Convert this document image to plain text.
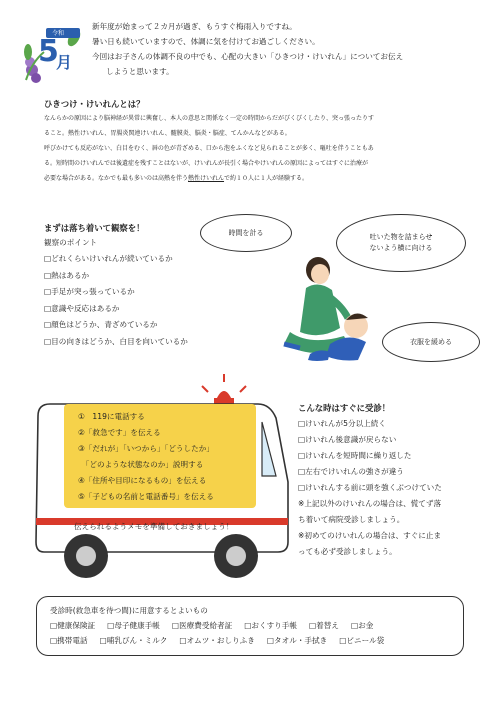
令和
5
月
新年度が始まって２カ月が過ぎ、もうすぐ梅雨入りですね。
暑い日も続いていますので、体調に気を付けてお過ごしください。
今回はお子さんの体調不良の中でも、心配の大きい「ひきつけ・けいれん」についてお伝え
しようと思います。
ひきつけ・けいれんとは？
なんらかの原因により脳神経が異常に興奮し、本人の意思と関係なく一定の時間からだがびくびくしたり、突っ張ったりす
ること。熱性けいれん、胃腸炎関連けいれん、髄膜炎、脳炎・脳症、てんかんなどがある。
呼びかけても反応がない、白目をむく、唇の色が青ざめる、口から泡をふくなど見られることが多く、嘔吐を伴うこともあ
る。短時間のけいれんでは後遺症を残すことはないが、けいれんが長引く場合やけいれんの原因によってはすぐに治療が
必要な場合がある。なかでも最も多いのは高熱を伴う熱性けいれんで約１０人に１人が経験する。
まずは落ち着いて観察を！
観察のポイント
□どれくらいけいれんが続いているか
□熱はあるか
□手足が突っ張っているか
□意識や反応はあるか
□顔色はどうか、青ざめているか
□目の向きはどうか、白目を向いているか
時間を計る
吐いた物を詰まらせ
ないよう横に向ける
衣服を緩める
①　119に電話する
②「救急です」を伝える
③「だれが」「いつから」「どうしたか」
　「どのような状態なのか」説明する
④「住所や目印になるもの」を伝える
⑤「子どもの名前と電話番号」を伝える
伝えられるようメモを準備しておきましょう！
こんな時はすぐに受診！
□けいれんが5分以上続く
□けいれん後意識が戻らない
□けいれんを短時間に繰り返した
□左右でけいれんの強さが違う
□けいれんする前に頭を強くぶつけていた
※上記以外のけいれんの場合は、慌てず落
ち着いて病院受診しましょう。
※初めてのけいれんの場合は、すぐに止ま
っても必ず受診しましょう。
受診時(救急車を待つ間)に用意するとよいもの
□健康保険証 □母子健康手帳 □医療費受給者証 □おくすり手帳 □着替え □お金
□携帯電話 □哺乳びん・ミルク □オムツ・おしりふき □タオル・手拭き □ビニール袋
